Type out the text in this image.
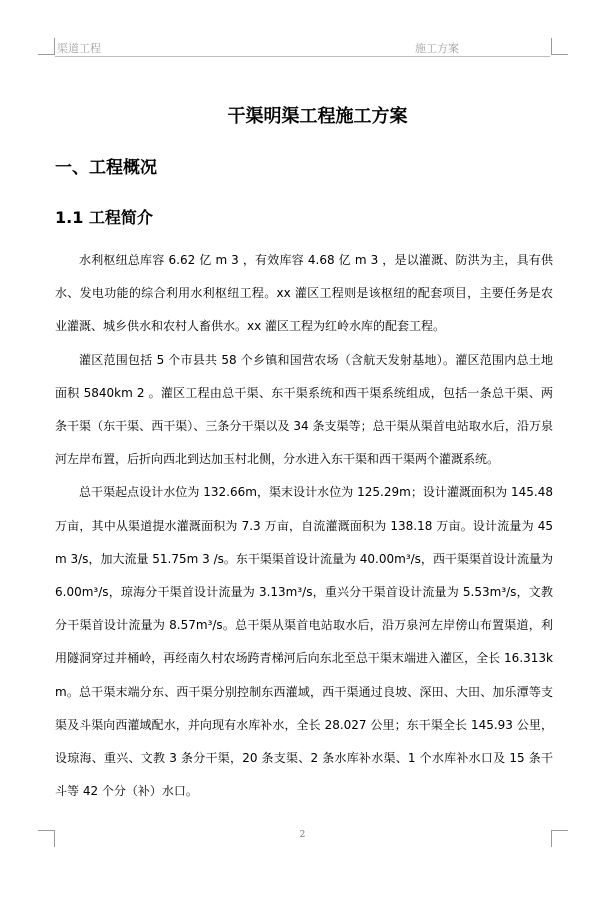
渠道工程	施工方案
干渠明渠工程施工方案
一、工程概况
1.1 工程简介

水利枢纽总库容 6.62 亿 m 3 ，有效库容 4.68 亿 m 3 ，是以灌溉、防洪为主，具有供水、发电功能的综合利用水利枢纽工程。xx 灌区工程则是该枢纽的配套项目，主要任务是农业灌溉、城乡供水和农村人畜供水。xx 灌区工程为红岭水库的配套工程。

灌区范围包括 5 个市县共 58 个乡镇和国营农场（含航天发射基地）。灌区范围内总土地面积 5840km 2 。灌区工程由总干渠、东干渠系统和西干渠系统组成，包括一条总干渠、两条干渠（东干渠、西干渠）、三条分干渠以及 34 条支渠等；总干渠从渠首电站取水后，沿万泉河左岸布置，后折向西北到达加玉村北侧，分水进入东干渠和西干渠两个灌溉系统。

总干渠起点设计水位为 132.66m，渠末设计水位为 125.29m；设计灌溉面积为 145.48 万亩，其中从渠道提水灌溉面积为 7.3 万亩，自流灌溉面积为 138.18 万亩。设计流量为 45m 3/s，加大流量 51.75m 3 /s。东干渠渠首设计流量为 40.00m³/s，西干渠渠首设计流量为 6.00m³/s，琼海分干渠首设计流量为 3.13m³/s，重兴分干渠首设计流量为 5.53m³/s，文教分干渠首设计流量为 8.57m³/s。总干渠从渠首电站取水后，沿万泉河左岸傍山布置渠道，利用隧洞穿过并桶岭，再经南久村农场跨青梯河后向东北至总干渠末端进入灌区，全长 16.313km。总干渠末端分东、西干渠分别控制东西灌域，西干渠通过良坡、深田、大田、加乐潭等支渠及斗渠向西灌域配水，并向现有水库补水，全长 28.027 公里；东干渠全长 145.93 公里，设琼海、重兴、文教 3 条分干渠，20 条支渠、2 条水库补水渠、1 个水库补水口及 15 条干斗等 42 个分（补）水口。

2
